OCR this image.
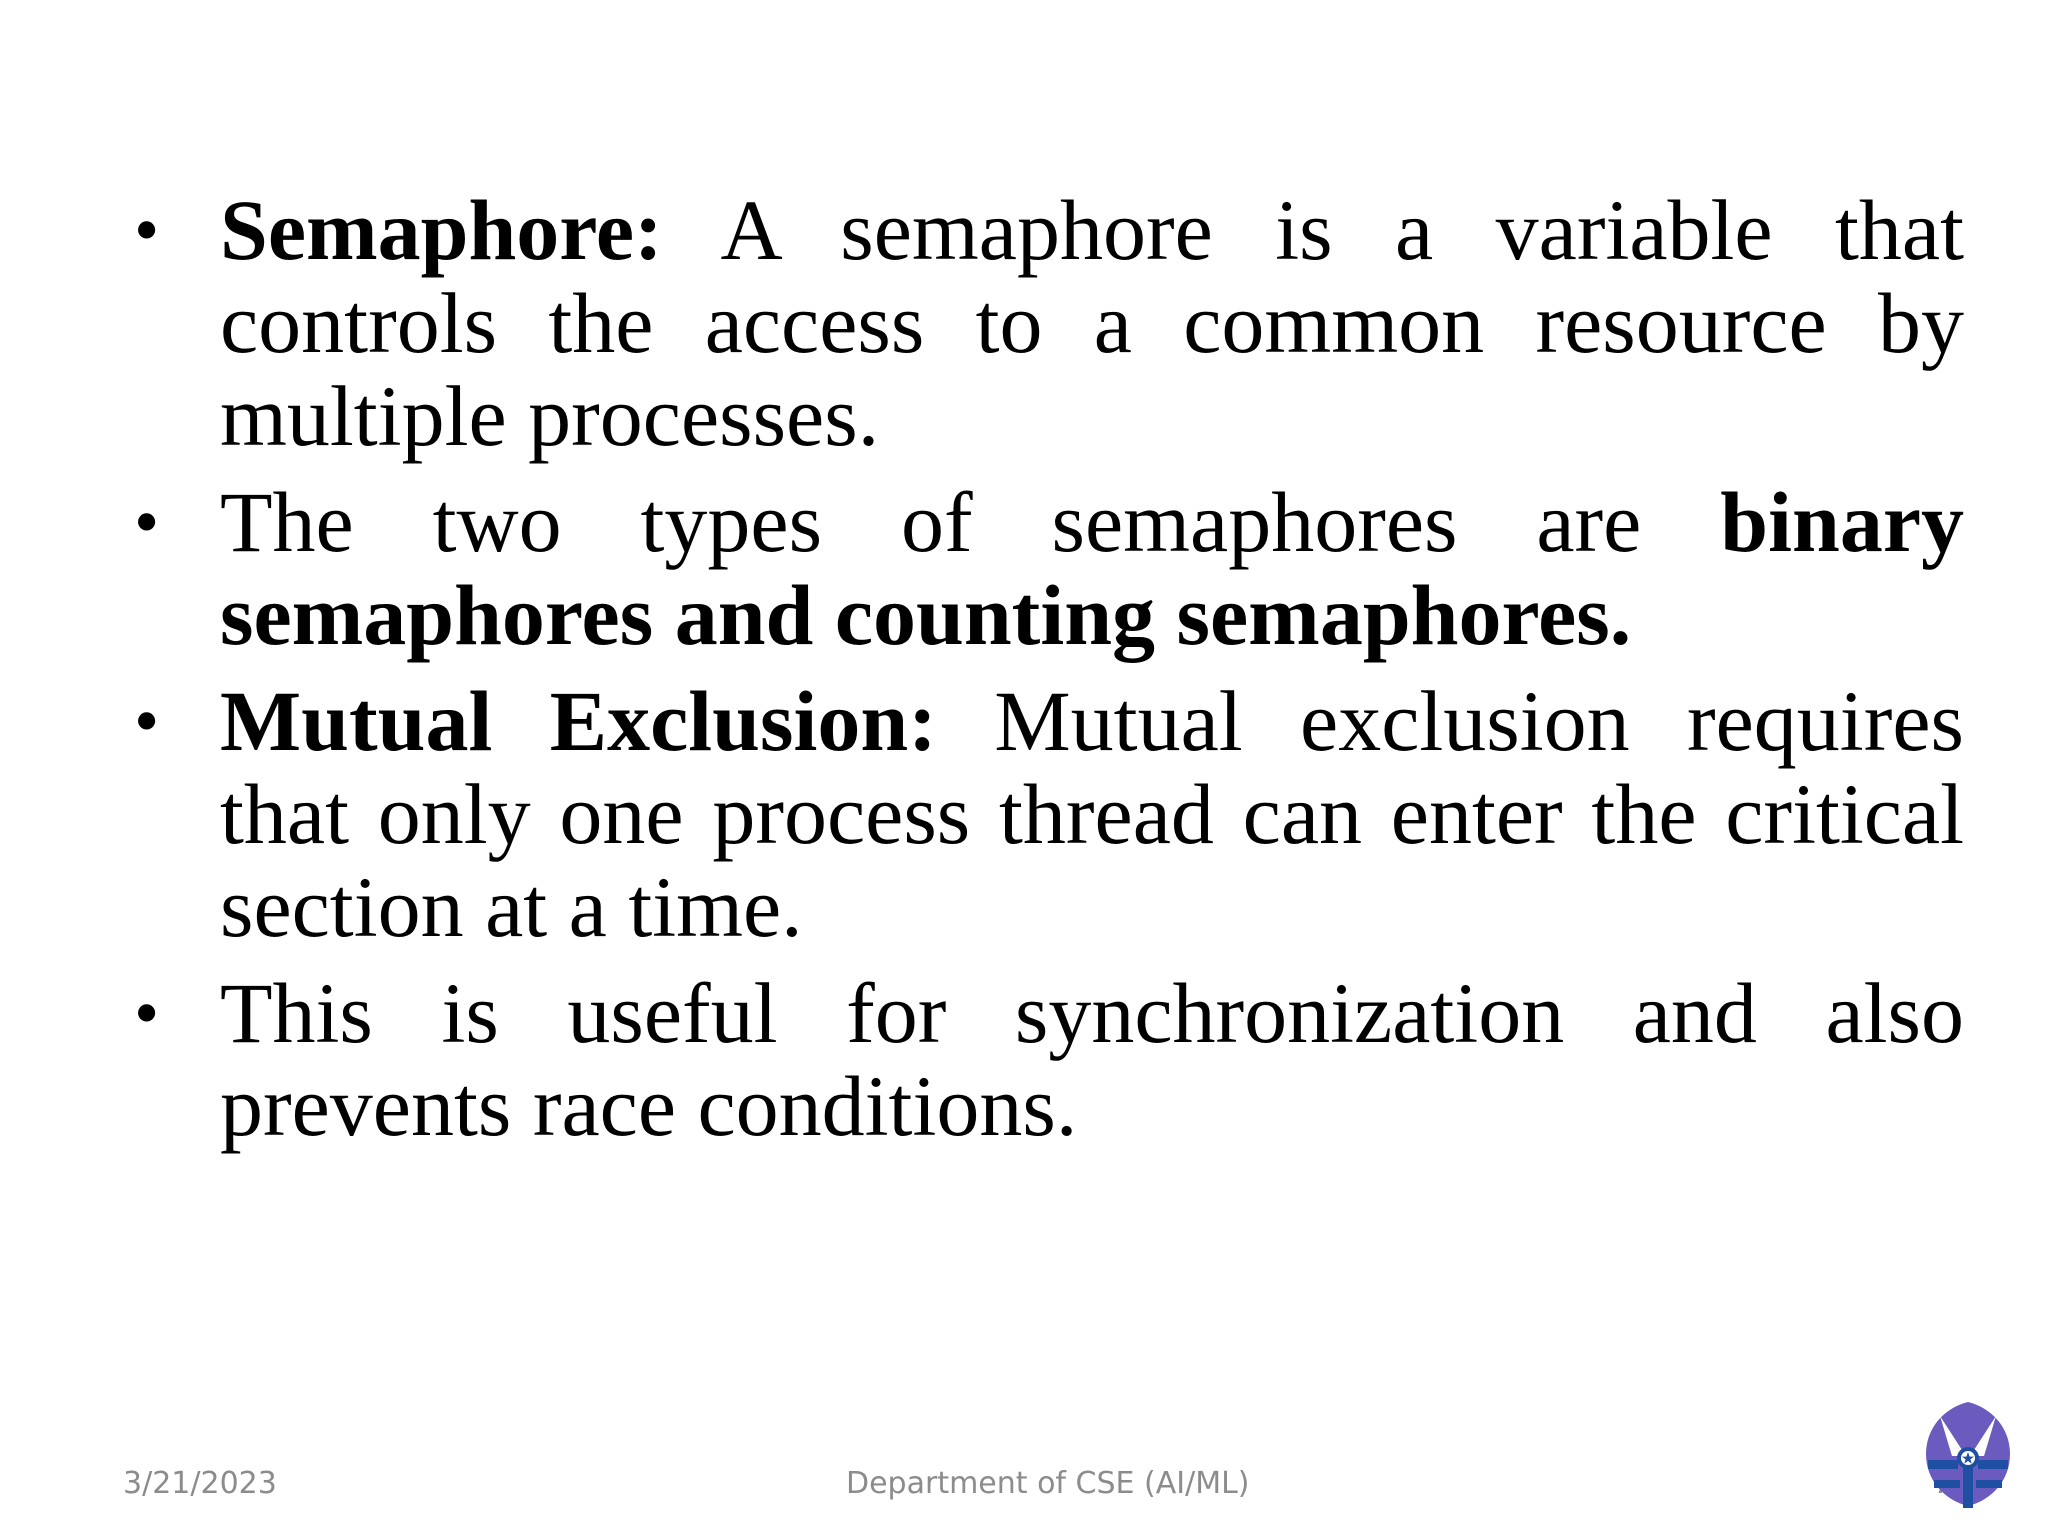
• Semaphore: A semaphore is a variable that controls the access to a common resource by multiple processes.
• The two types of semaphores are binary semaphores and counting semaphores.
• Mutual Exclusion: Mutual exclusion requires that only one process thread can enter the critical section at a time.
• This is useful for synchronization and also prevents race conditions.
3/21/2023	Department of CSE (AI/ML)
